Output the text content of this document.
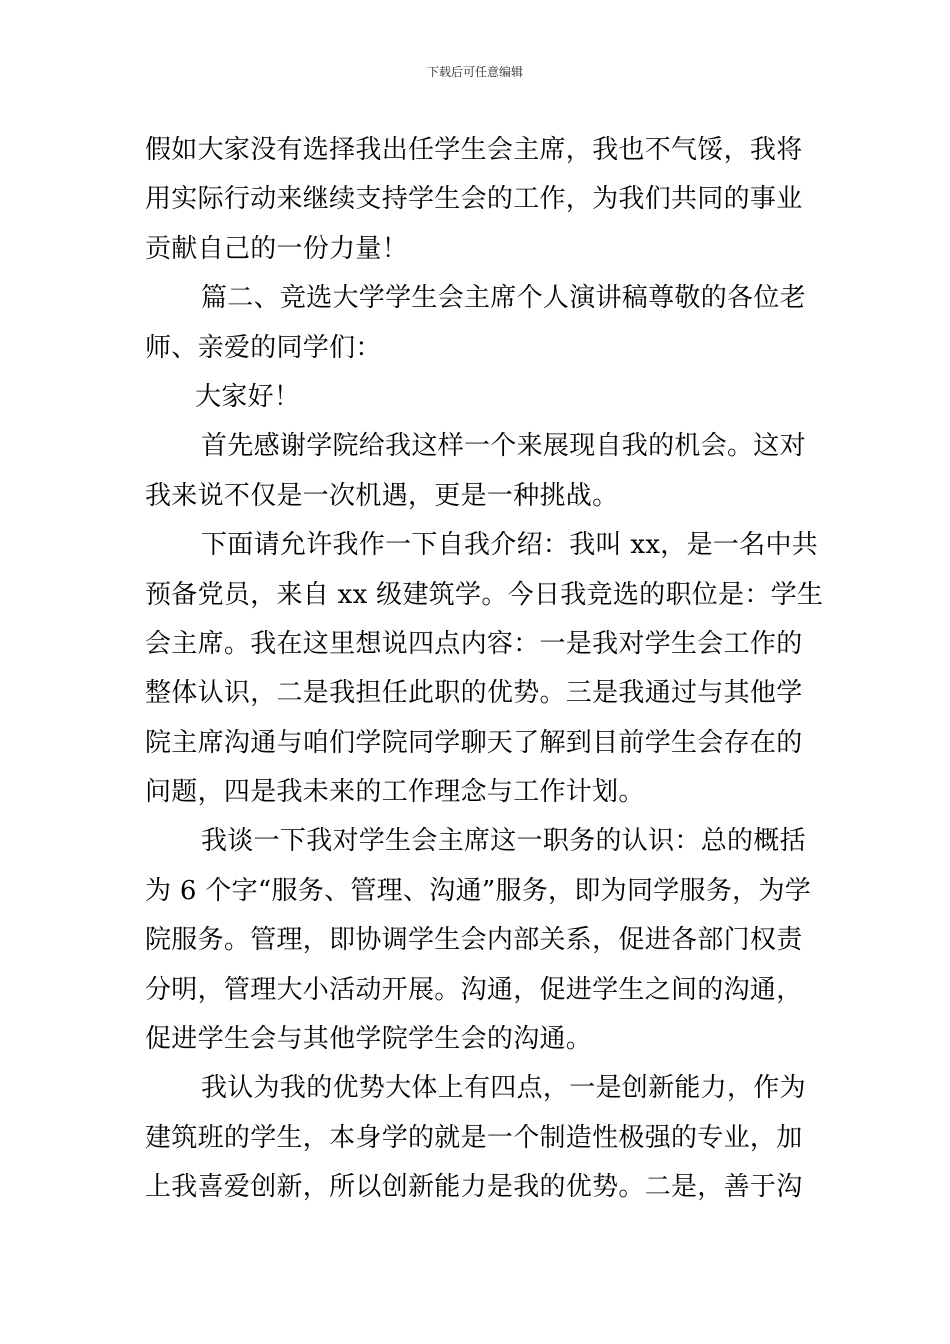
下载后可任意编辑
假如大家没有选择我出任学生会主席，我也不气馁，我将
用实际行动来继续支持学生会的工作，为我们共同的事业
贡献自己的一份力量！
篇二、竞选大学学生会主席个人演讲稿尊敬的各位老
师、亲爱的同学们：
大家好！
首先感谢学院给我这样一个来展现自我的机会。这对
我来说不仅是一次机遇，更是一种挑战。
下面请允许我作一下自我介绍：我叫 xx，是一名中共
预备党员，来自 xx 级建筑学。今日我竞选的职位是：学生
会主席。我在这里想说四点内容：一是我对学生会工作的
整体认识，二是我担任此职的优势。三是我通过与其他学
院主席沟通与咱们学院同学聊天了解到目前学生会存在的
问题，四是我未来的工作理念与工作计划。
我谈一下我对学生会主席这一职务的认识：总的概括
为 6 个字“服务、管理、沟通”服务，即为同学服务，为学
院服务。管理，即协调学生会内部关系，促进各部门权责
分明，管理大小活动开展。沟通，促进学生之间的沟通，
促进学生会与其他学院学生会的沟通。
我认为我的优势大体上有四点，一是创新能力，作为
建筑班的学生，本身学的就是一个制造性极强的专业，加
上我喜爱创新，所以创新能力是我的优势。二是，善于沟
